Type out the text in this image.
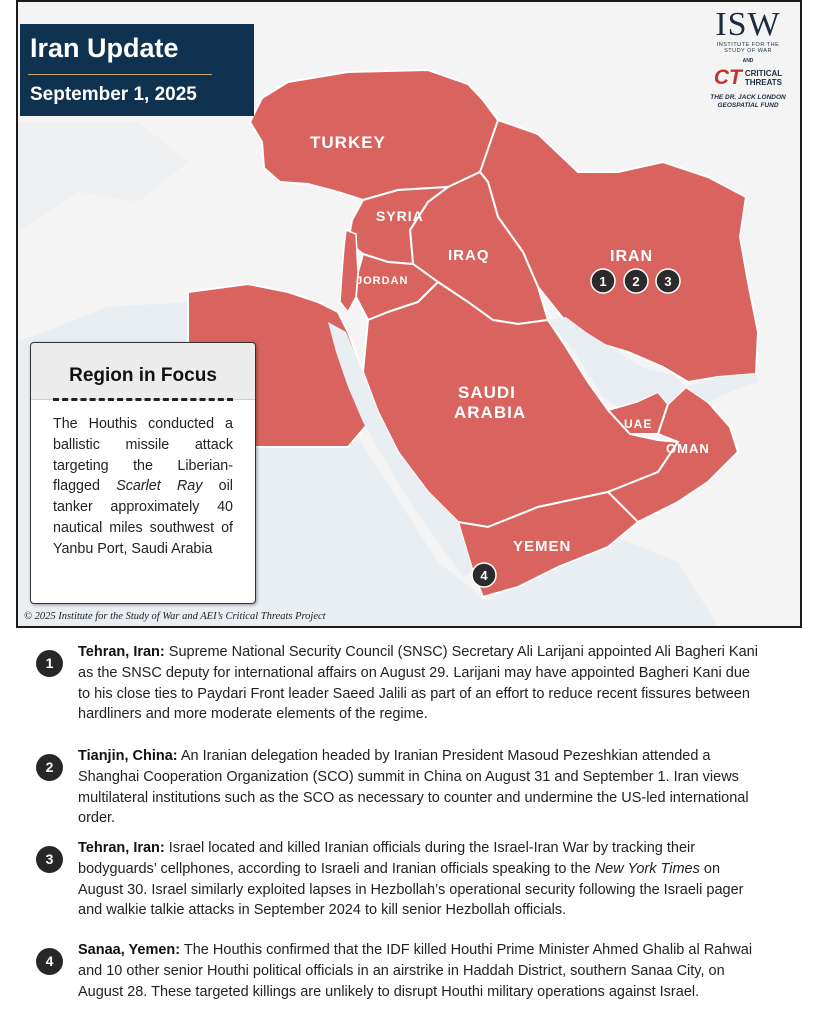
TURKEY
SYRIA
IRAQ
JORDAN
IRAN
SAUDI
ARABIA
UAE
OMAN
YEMEN
1 2 3
4
Iran Update
September 1, 2025
ISW
INSTITUTE FOR THE
STUDY OF WAR
AND
CT CRITICAL
THREATS
THE DR. JACK LONDON
GEOSPATIAL FUND
Region in Focus
The Houthis conducted a ballistic missile attack targeting the Liberian-flagged Scarlet Ray oil tanker approximately 40 nautical miles southwest of Yanbu Port, Saudi Arabia
© 2025 Institute for the Study of War and AEI’s Critical Threats Project
1
Tehran, Iran: Supreme National Security Council (SNSC) Secretary Ali Larijani appointed Ali Bagheri Kani as the SNSC deputy for international affairs on August 29. Larijani may have appointed Bagheri Kani due to his close ties to Paydari Front leader Saeed Jalili as part of an effort to reduce recent fissures between hardliners and more moderate elements of the regime.
2
Tianjin, China: An Iranian delegation headed by Iranian President Masoud Pezeshkian attended a Shanghai Cooperation Organization (SCO) summit in China on August 31 and September 1. Iran views multilateral institutions such as the SCO as necessary to counter and undermine the US-led international order.
3
Tehran, Iran: Israel located and killed Iranian officials during the Israel-Iran War by tracking their bodyguards’ cellphones, according to Israeli and Iranian officials speaking to the New York Times on August 30. Israel similarly exploited lapses in Hezbollah’s operational security following the Israeli pager and walkie talkie attacks in September 2024 to kill senior Hezbollah officials.
4
Sanaa, Yemen: The Houthis confirmed that the IDF killed Houthi Prime Minister Ahmed Ghalib al Rahwai and 10 other senior Houthi political officials in an airstrike in Haddah District, southern Sanaa City, on August 28. These targeted killings are unlikely to disrupt Houthi military operations against Israel.
